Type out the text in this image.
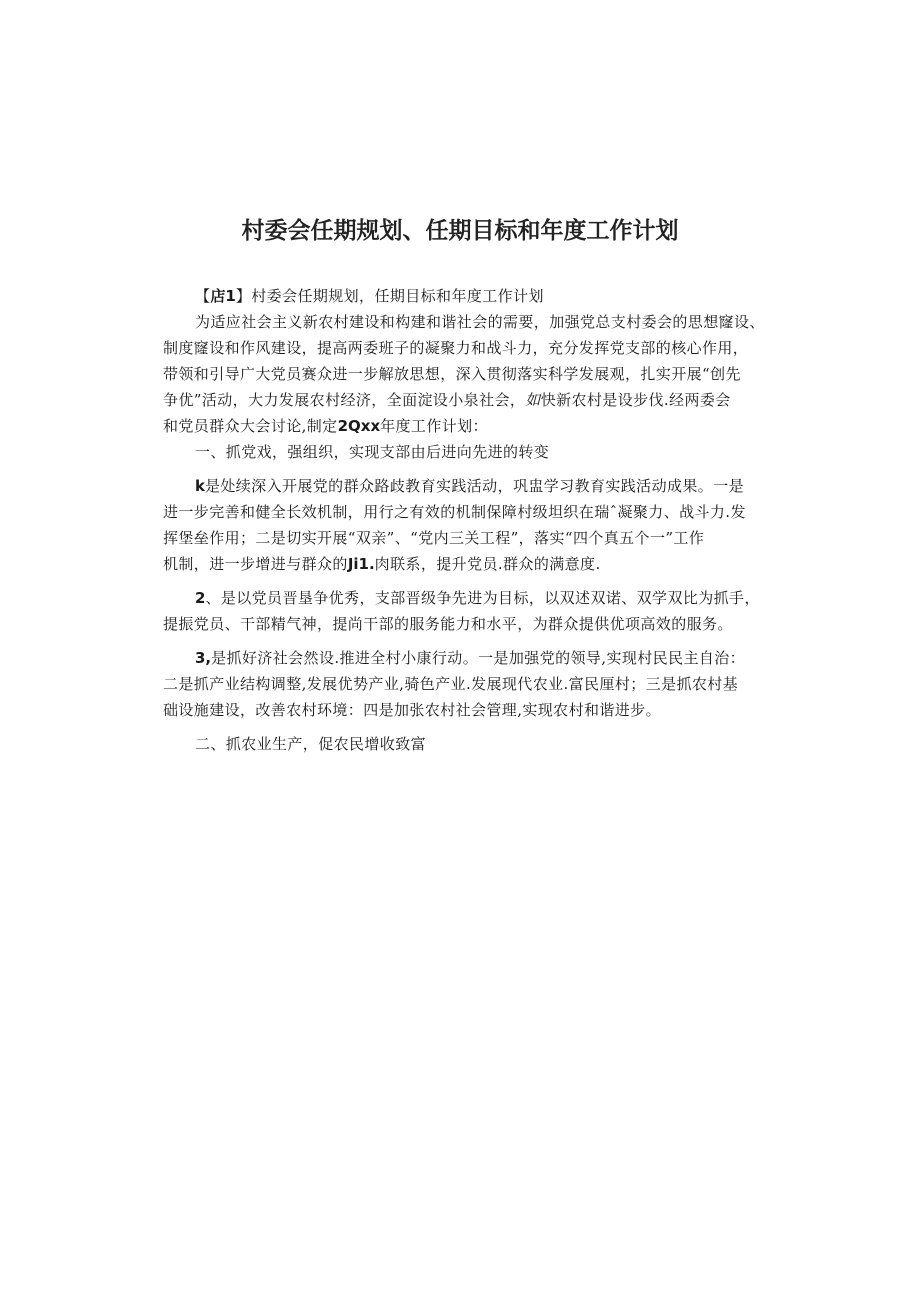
村委会任期规划、任期目标和年度工作计划
【店1】村委会任期规划，任期目标和年度工作计划
为适应社会主义新农村建设和构建和谐社会的需要，加强党总支村委会的思想窿设、
制度窿设和作风建设，提高两委班子的凝聚力和战斗力，充分发挥党支部的核心作用，
带领和引导广大党员赛众进一步解放思想，深入贯彻落实科学发展观，扎实开展“创先
争优”活动，大力发展农村经济，全面淀设小泉社会，如快新农村是设步伐.经两委会
和党员群众大会讨论,制定2Qxx年度工作计划：
一、抓党戏，强组织，实现支部由后进向先进的转变
k是处续深入开展党的群众路歧教育实践活动，巩盅学习教育实践活动成果。一是
进一步完善和健全长效机制，用行之有效的机制保障村级坦织在瑞ˆ凝聚力、战斗力.发
挥堡垒作用；二是切实开展“双亲”、“党内三关工程”，落实“四个真五个一”工作
机制，进一步增进与群众的Ji1.肉联系，提升党员.群众的满意度.
2、是以党员晋垦争优秀，支部晋级争先进为目标，以双述双诺、双学双比为抓手，
提振党员、干部精气神，提尚干部的服务能力和水平，为群众提供优项高效的服务。
3,是抓好济社会然设.推进全村小康行动。一是加强党的领导,实现村民民主自治：
二是抓产业结构调整,发展优势产业,骑色产业.发展现代农业.富民厘村；三是抓农村基
础设施建设，改善农村环境：四是加张农村社会管理,实现农村和谐进步。
二、抓农业生产，促农民增收致富
